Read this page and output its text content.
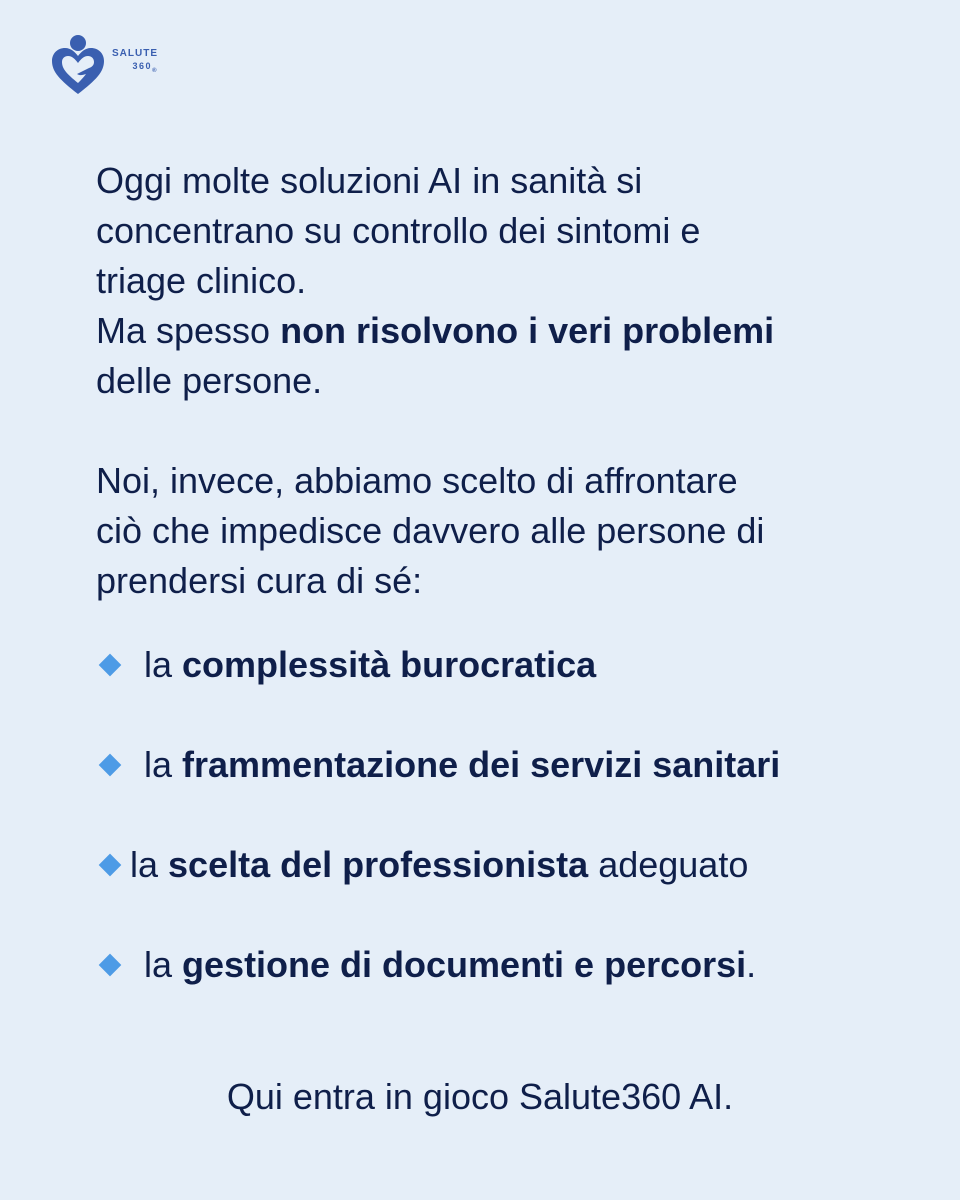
SALUTE
$360_®$

Oggi molte soluzioni AI in sanità si

concentrano su controllo dei sintomi e

triage clinico.

Ma spesso non risolvono i veri problemi

delle persone.

Noi, invece, abbiamo scelto di affrontare

ciò che impedisce davvero alle persone di

prendersi cura di sé:

la complessità burocratica
la frammentazione dei servizi sanitari
la scelta del professionista adeguato
la gestione di documenti e percorsi.
Qui entra in gioco Salute360 AI.
